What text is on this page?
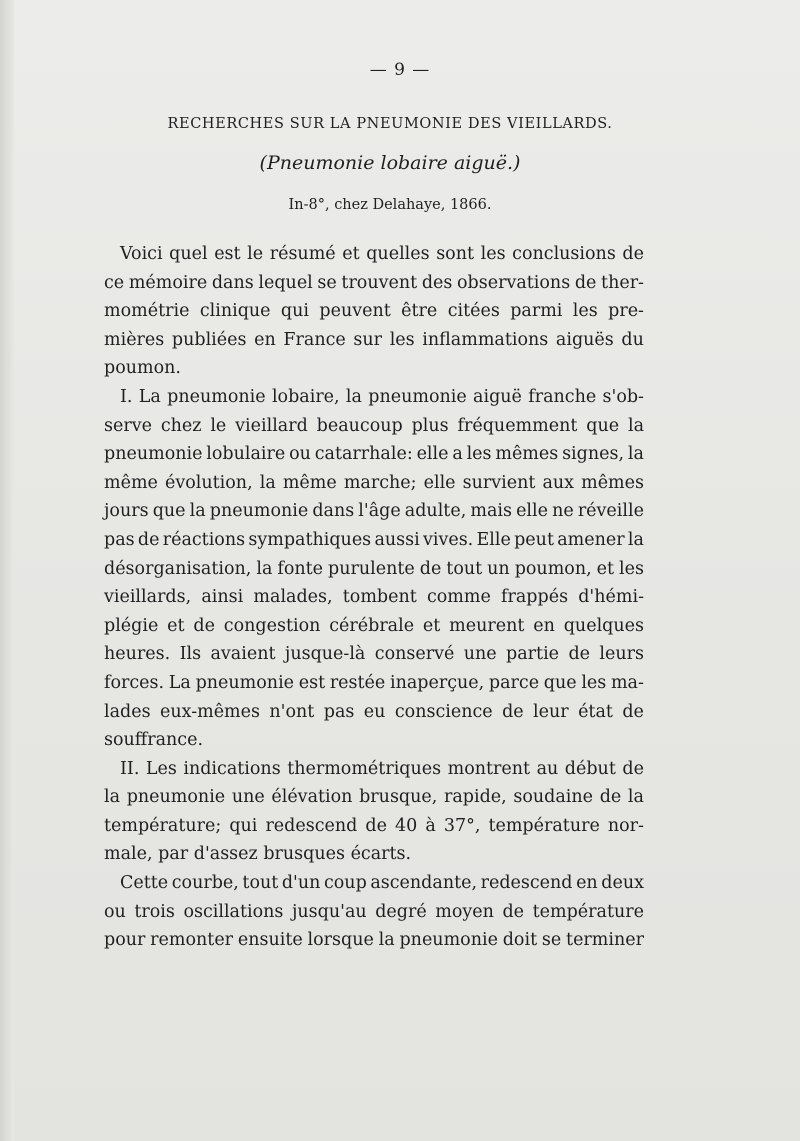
— 9 —
RECHERCHES SUR LA PNEUMONIE DES VIEILLARDS.
(Pneumonie lobaire aiguë.)
In-8°, chez Delahaye, 1866.
Voici quel est le résumé et quelles sont les conclusions de
ce mémoire dans lequel se trouvent des observations de ther-
mométrie clinique qui peuvent être citées parmi les pre-
mières publiées en France sur les inflammations aiguës du
poumon.
I. La pneumonie lobaire, la pneumonie aiguë franche s'ob-
serve chez le vieillard beaucoup plus fréquemment que la
pneumonie lobulaire ou catarrhale: elle a les mêmes signes, la
même évolution, la même marche; elle survient aux mêmes
jours que la pneumonie dans l'âge adulte, mais elle ne réveille
pas de réactions sympathiques aussi vives. Elle peut amener la
désorganisation, la fonte purulente de tout un poumon, et les
vieillards, ainsi malades, tombent comme frappés d'hémi-
plégie et de congestion cérébrale et meurent en quelques
heures. Ils avaient jusque-là conservé une partie de leurs
forces. La pneumonie est restée inaperçue, parce que les ma-
lades eux-mêmes n'ont pas eu conscience de leur état de
souffrance.
II. Les indications thermométriques montrent au début de
la pneumonie une élévation brusque, rapide, soudaine de la
température; qui redescend de 40 à 37°, température nor-
male, par d'assez brusques écarts.
Cette courbe, tout d'un coup ascendante, redescend en deux
ou trois oscillations jusqu'au degré moyen de température
pour remonter ensuite lorsque la pneumonie doit se terminer
